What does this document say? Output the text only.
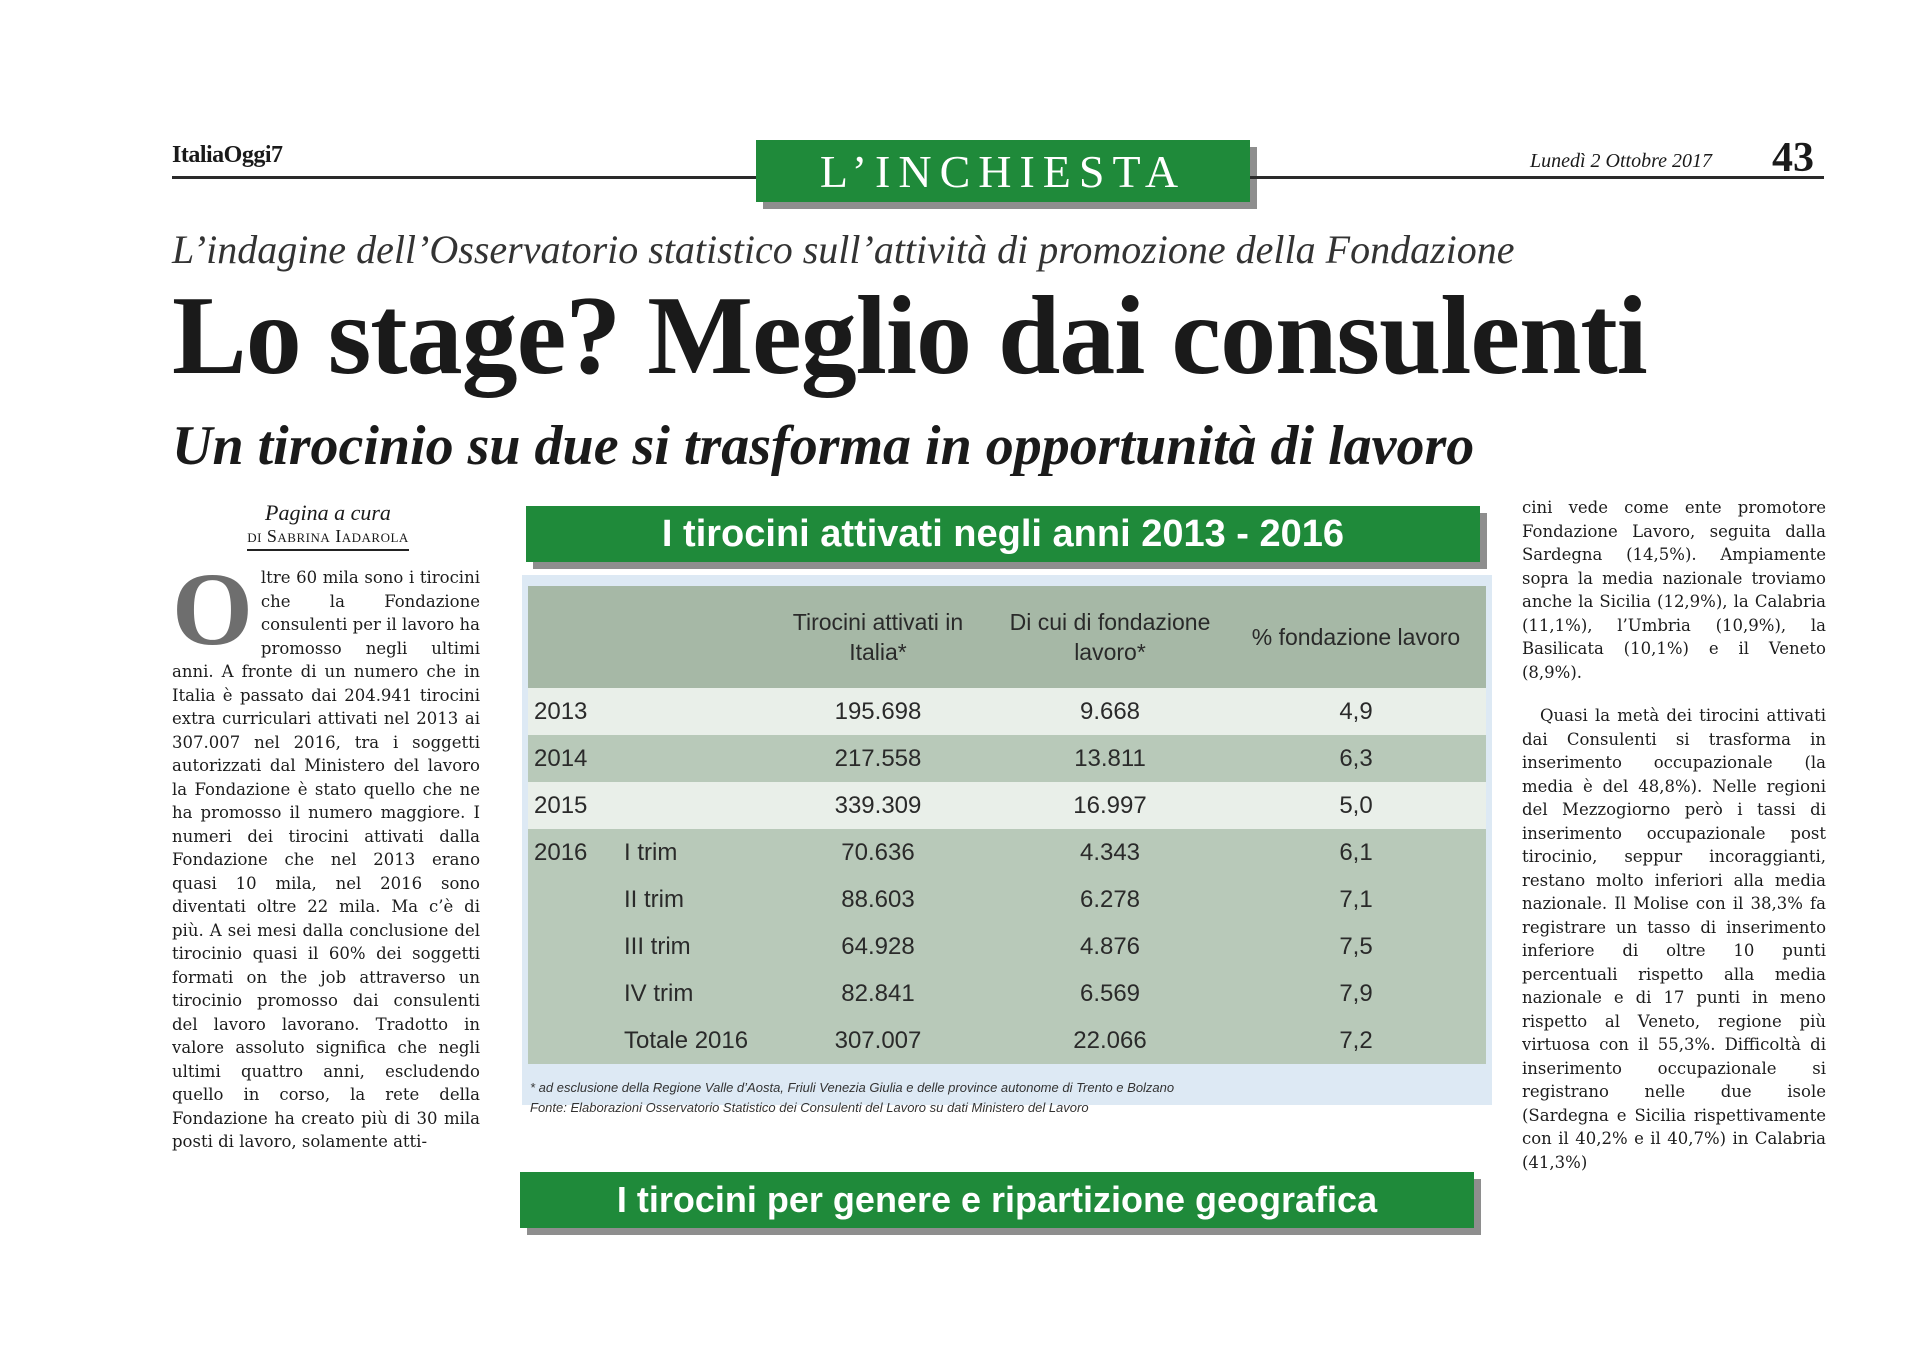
ItaliaOggi7	L’INCHIESTA	Lunedì 2 Ottobre 2017 43
L’indagine dell’Osservatorio statistico sull’attività di promozione della Fondazione
Lo stage? Meglio dai consulenti
Un tirocinio su due si trasforma in opportunità di lavoro
Pagina a cura
di Sabrina Iadarola
O ltre 60 mila sono i tirocini che la Fondazione consulenti per il lavoro ha promosso negli ultimi anni. A fronte di un numero che in Italia è passato dai 204.941 tirocini extra curriculari attivati nel 2013 ai 307.007 nel 2016, tra i soggetti autorizzati dal Ministero del lavoro la Fondazione è stato quello che ne ha promosso il numero maggiore. I numeri dei tirocini attivati dalla Fondazione che nel 2013 erano quasi 10 mila, nel 2016 sono diventati oltre 22 mila. Ma c’è di più. A sei mesi dalla conclusione del tirocinio quasi il 60% dei soggetti formati on the job attraverso un tirocinio promosso dai consulenti del lavoro lavorano. Tradotto in valore assoluto significa che negli ultimi quattro anni, escludendo quello in corso, la rete della Fondazione ha creato più di 30 mila posti di lavoro, solamente atti-

I tirocini attivati negli anni 2013 - 2016
		Tirocini attivati in Italia*	Di cui di fondazione lavoro*	% fondazione lavoro
2013		195.698	9.668	4,9
2014		217.558	13.811	6,3
2015		339.309	16.997	5,0
2016	I trim	70.636	4.343	6,1
	II trim	88.603	6.278	7,1
	III trim	64.928	4.876	7,5
	IV trim	82.841	6.569	7,9
	Totale 2016	307.007	22.066	7,2
* ad esclusione della Regione Valle d’Aosta, Friuli Venezia Giulia e delle province autonome di Trento e Bolzano
Fonte: Elaborazioni Osservatorio Statistico dei Consulenti del Lavoro su dati Ministero del Lavoro
I tirocini per genere e ripartizione geografica

cini vede come ente promotore Fondazione Lavoro, seguita dalla Sardegna (14,5%). Ampiamente sopra la media nazionale troviamo anche la Sicilia (12,9%), la Calabria (11,1%), l’Umbria (10,9%), la Basilicata (10,1%) e il Veneto (8,9%).

Quasi la metà dei tirocini attivati dai Consulenti si trasforma in inserimento occupazionale (la media è del 48,8%). Nelle regioni del Mezzogiorno però i tassi di inserimento occupazionale post tirocinio, seppur incoraggianti, restano molto inferiori alla media nazionale. Il Molise con il 38,3% fa registrare un tasso di inserimento inferiore di oltre 10 punti percentuali rispetto alla media nazionale e di 17 punti in meno rispetto al Veneto, regione più virtuosa con il 55,3%. Difficoltà di inserimento occupazionale si registrano nelle due isole (Sardegna e Sicilia rispettivamente con il 40,2% e il 40,7%) in Calabria (41,3%)
